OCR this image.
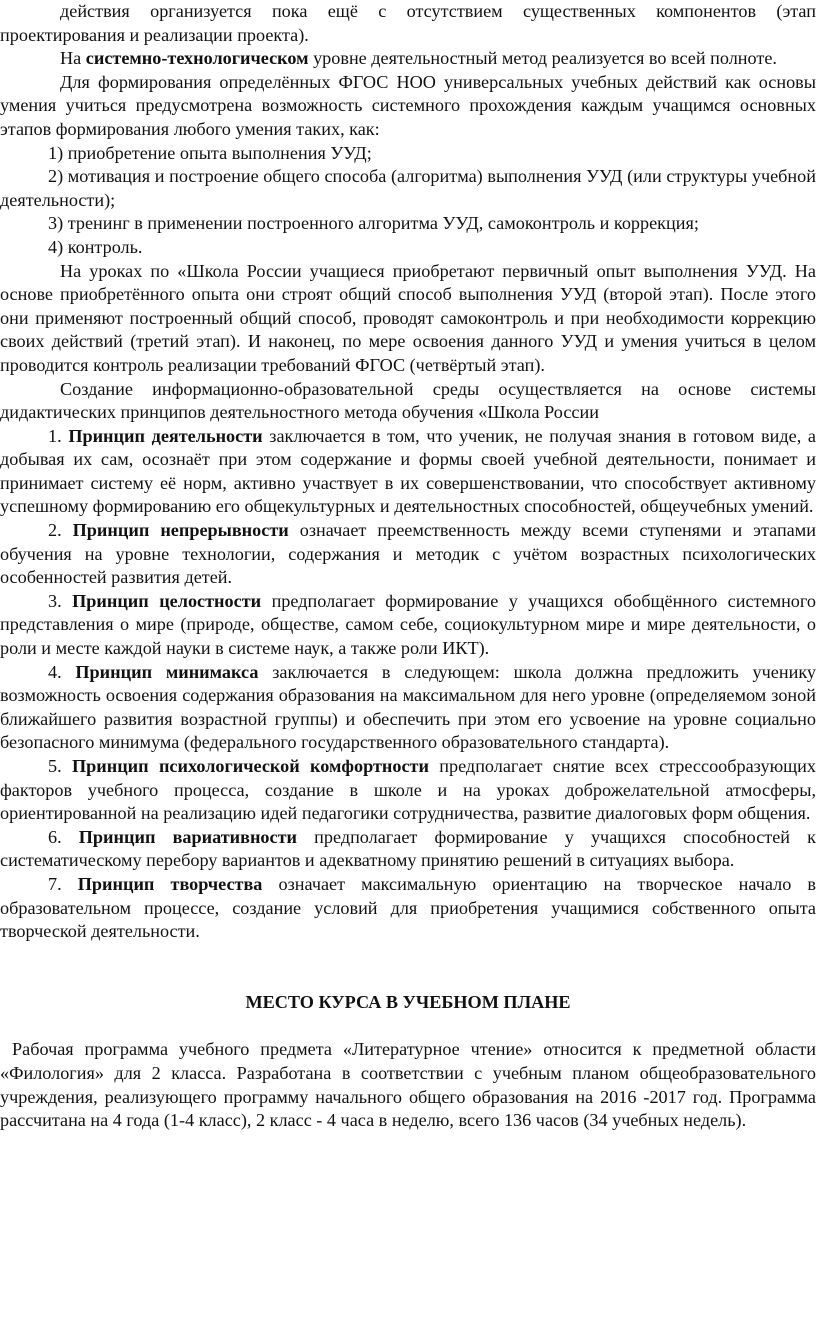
действия организуется пока ещё с отсутствием существенных компонентов (этап проектирования и реализации проекта).

На системно-технологическом уровне деятельностный метод реализуется во всей полноте.

Для формирования определённых ФГОС НОО универсальных учебных действий как основы умения учиться предусмотрена возможность системного прохождения каждым учащимся основных этапов формирования любого умения таких, как:

1) приобретение опыта выполнения УУД;

2) мотивация и построение общего способа (алгоритма) выполнения УУД (или структуры учебной деятельности);

3) тренинг в применении построенного алгоритма УУД, самоконтроль и коррекция;

4) контроль.

На уроках по «Школа России учащиеся приобретают первичный опыт выполнения УУД. На основе приобретённого опыта они строят общий способ выполнения УУД (второй этап). После этого они применяют построенный общий способ, проводят самоконтроль и при необходимости коррекцию своих действий (третий этап). И наконец, по мере освоения данного УУД и умения учиться в целом проводится контроль реализации требований ФГОС (четвёртый этап).

Создание информационно-образовательной среды осуществляется на основе системы дидактических принципов деятельностного метода обучения «Школа России

1. Принцип деятельности заключается в том, что ученик, не получая знания в готовом виде, а добывая их сам, осознаёт при этом содержание и формы своей учебной деятельности, понимает и принимает систему её норм, активно участвует в их совершенствовании, что способствует активному успешному формированию его общекультурных и деятельностных способностей, общеучебных умений.

2. Принцип непрерывности означает преемственность между всеми ступенями и этапами обучения на уровне технологии, содержания и методик с учётом возрастных психологических особенностей развития детей.

3. Принцип целостности предполагает формирование у учащихся обобщённого системного представления о мире (природе, обществе, самом себе, социокультурном мире и мире деятельности, о роли и месте каждой науки в системе наук, а также роли ИКТ).

4. Принцип минимакса заключается в следующем: школа должна предложить ученику возможность освоения содержания образования на максимальном для него уровне (определяемом зоной ближайшего развития возрастной группы) и обеспечить при этом его усвоение на уровне социально безопасного минимума (федерального государственного образовательного стандарта).

5. Принцип психологической комфортности предполагает снятие всех стрессообразующих факторов учебного процесса, создание в школе и на уроках доброжелательной атмосферы, ориентированной на реализацию идей педагогики сотрудничества, развитие диалоговых форм общения.

6. Принцип вариативности предполагает формирование у учащихся способностей к систематическому перебору вариантов и адекватному принятию решений в ситуациях выбора.

7. Принцип творчества означает максимальную ориентацию на творческое начало в образовательном процессе, создание условий для приобретения учащимися собственного опыта творческой деятельности.

МЕСТО КУРСА В УЧЕБНОМ ПЛАНЕ

Рабочая программа учебного предмета «Литературное чтение» относится к предметной области «Филология» для 2 класса. Разработана в соответствии с учебным планом общеобразовательного учреждения, реализующего программу начального общего образования на 2016 -2017 год. Программа рассчитана на 4 года (1-4 класс), 2 класс - 4 часа в неделю, всего 136 часов (34 учебных недель).
